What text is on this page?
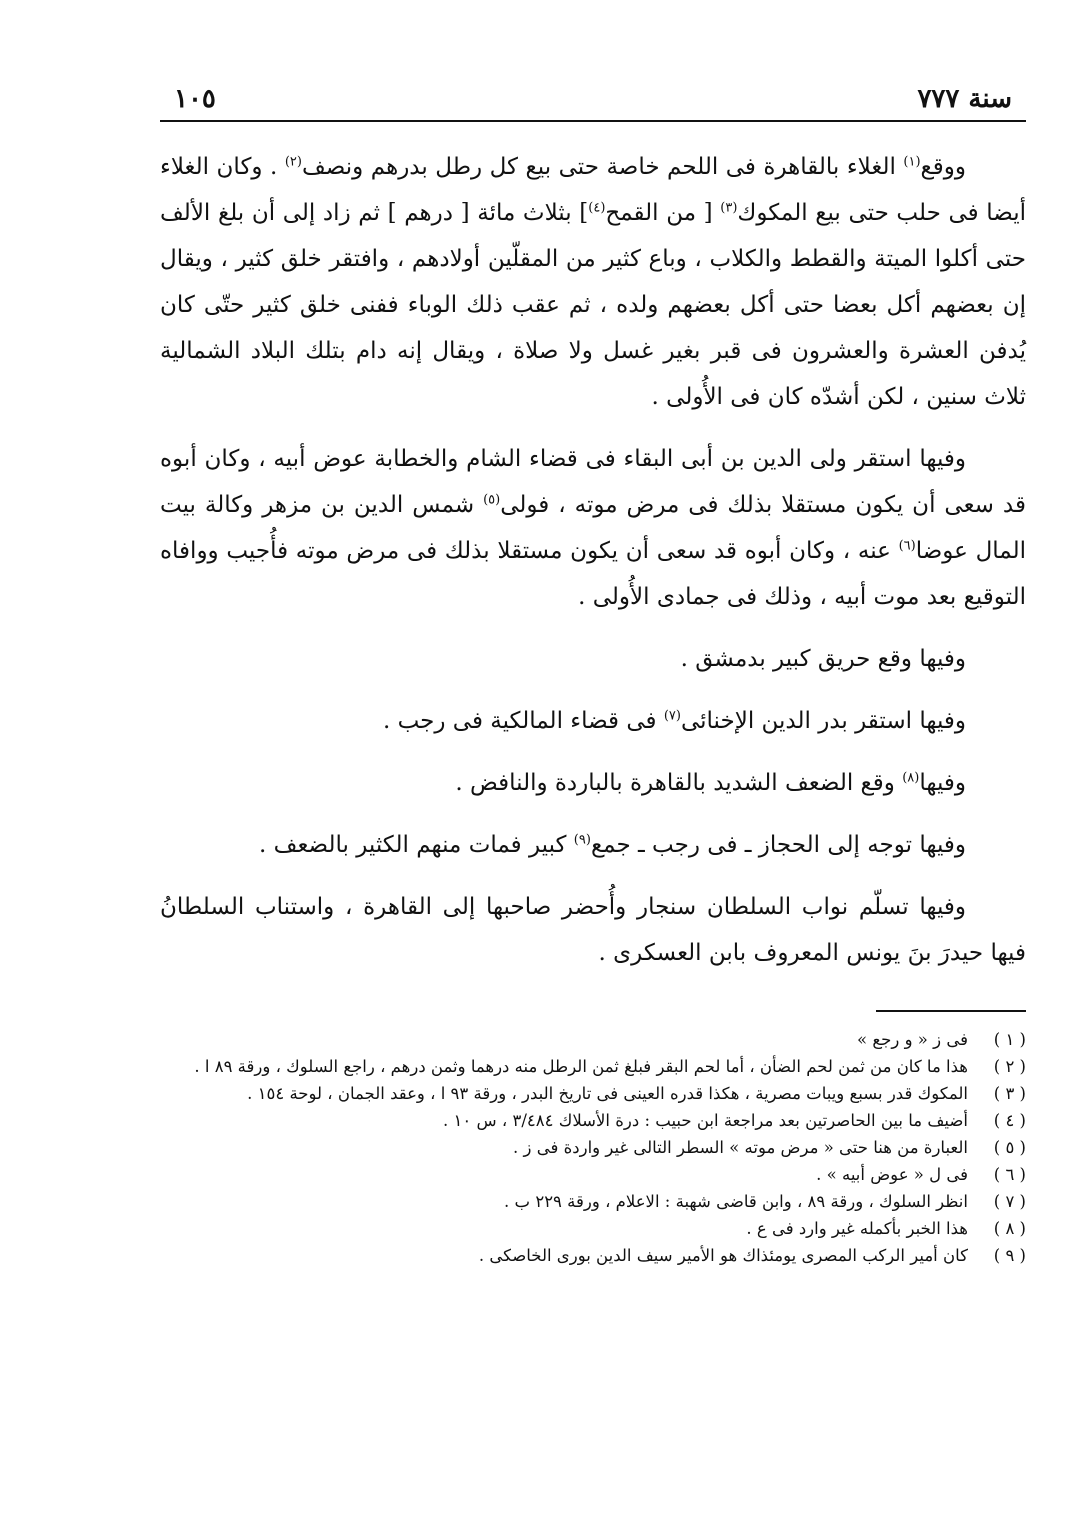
سنة ٧٧٧
١٠٥

ووقع$^{(١)}$ الغلاء بالقاهرة فى اللحم خاصة حتى بيع كل رطل بدرهم ونصف$^{(٢)}$ . وكان الغلاء أيضا فى حلب حتى بيع المكوك$^{(٣)}$ [ من القمح$^{(٤)}$] بثلاث مائة [ درهم ] ثم زاد إلى أن بلغ الألف حتى أكلوا الميتة والقطط والكلاب ، وباع كثير من المقلّين أولادهم ، وافتقر خلق كثير ، ويقال إن بعضهم أكل بعضا حتى أكل بعضهم ولده ، ثم عقب ذلك الوباء ففنى خلق كثير حتّى كان يُدفن العشرة والعشرون فى قبر بغير غسل ولا صلاة ، ويقال إنه دام بتلك البلاد الشمالية ثلاث سنين ، لكن أشدّه كان فى الأُولى .

وفيها استقر ولى الدين بن أبى البقاء فى قضاء الشام والخطابة عوض أبيه ، وكان أبوه قد سعى أن يكون مستقلا بذلك فى مرض موته ، فولى$^{(٥)}$ شمس الدين بن مزهر وكالة بيت المال عوضا$^{(٦)}$ عنه ، وكان أبوه قد سعى أن يكون مستقلا بذلك فى مرض موته فأُجيب ووافاه التوقيع بعد موت أبيه ، وذلك فى جمادى الأُولى .

وفيها وقع حريق كبير بدمشق .

وفيها استقر بدر الدين الإخنائى$^{(٧)}$ فى قضاء المالكية فى رجب .

وفيها$^{(٨)}$ وقع الضعف الشديد بالقاهرة بالباردة والنافض .

وفيها توجه إلى الحجاز ـ فى رجب ـ جمع$^{(٩)}$ كبير فمات منهم الكثير بالضعف .

وفيها تسلّم نواب السلطان سنجار وأُحضر صاحبها إلى القاهرة ، واستناب السلطانُ فيها حيدرَ بنَ يونس المعروف بابن العسكرى .

( ١ )
فى ز « و رجع »
( ٢ )
هذا ما كان من ثمن لحم الضأن ، أما لحم البقر فبلغ ثمن الرطل منه درهما وثمن درهم ، راجع السلوك ، ورقة ٨٩ ا .
( ٣ )
المكوك قدر بسبع ويبات مصرية ، هكذا قدره العينى فى تاريخ البدر ، ورقة ٩٣ ا ، وعقد الجمان ، لوحة ١٥٤ .
( ٤ )
أضيف ما بين الحاصرتين بعد مراجعة ابن حبيب : درة الأسلاك ٣/٤٨٤ ، س ١٠ .
( ٥ )
العبارة من هنا حتى « مرض موته » السطر التالى غير واردة فى ز .
( ٦ )
فى ل « عوض أبيه » .
( ٧ )
انظر السلوك ، ورقة ٨٩ ، وابن قاضى شهبة : الاعلام ، ورقة ٢٢٩ ب .
( ٨ )
هذا الخبر بأكمله غير وارد فى ع .
( ٩ )
كان أمير الركب المصرى يومئذاك هو الأمير سيف الدين بورى الخاصكى .
